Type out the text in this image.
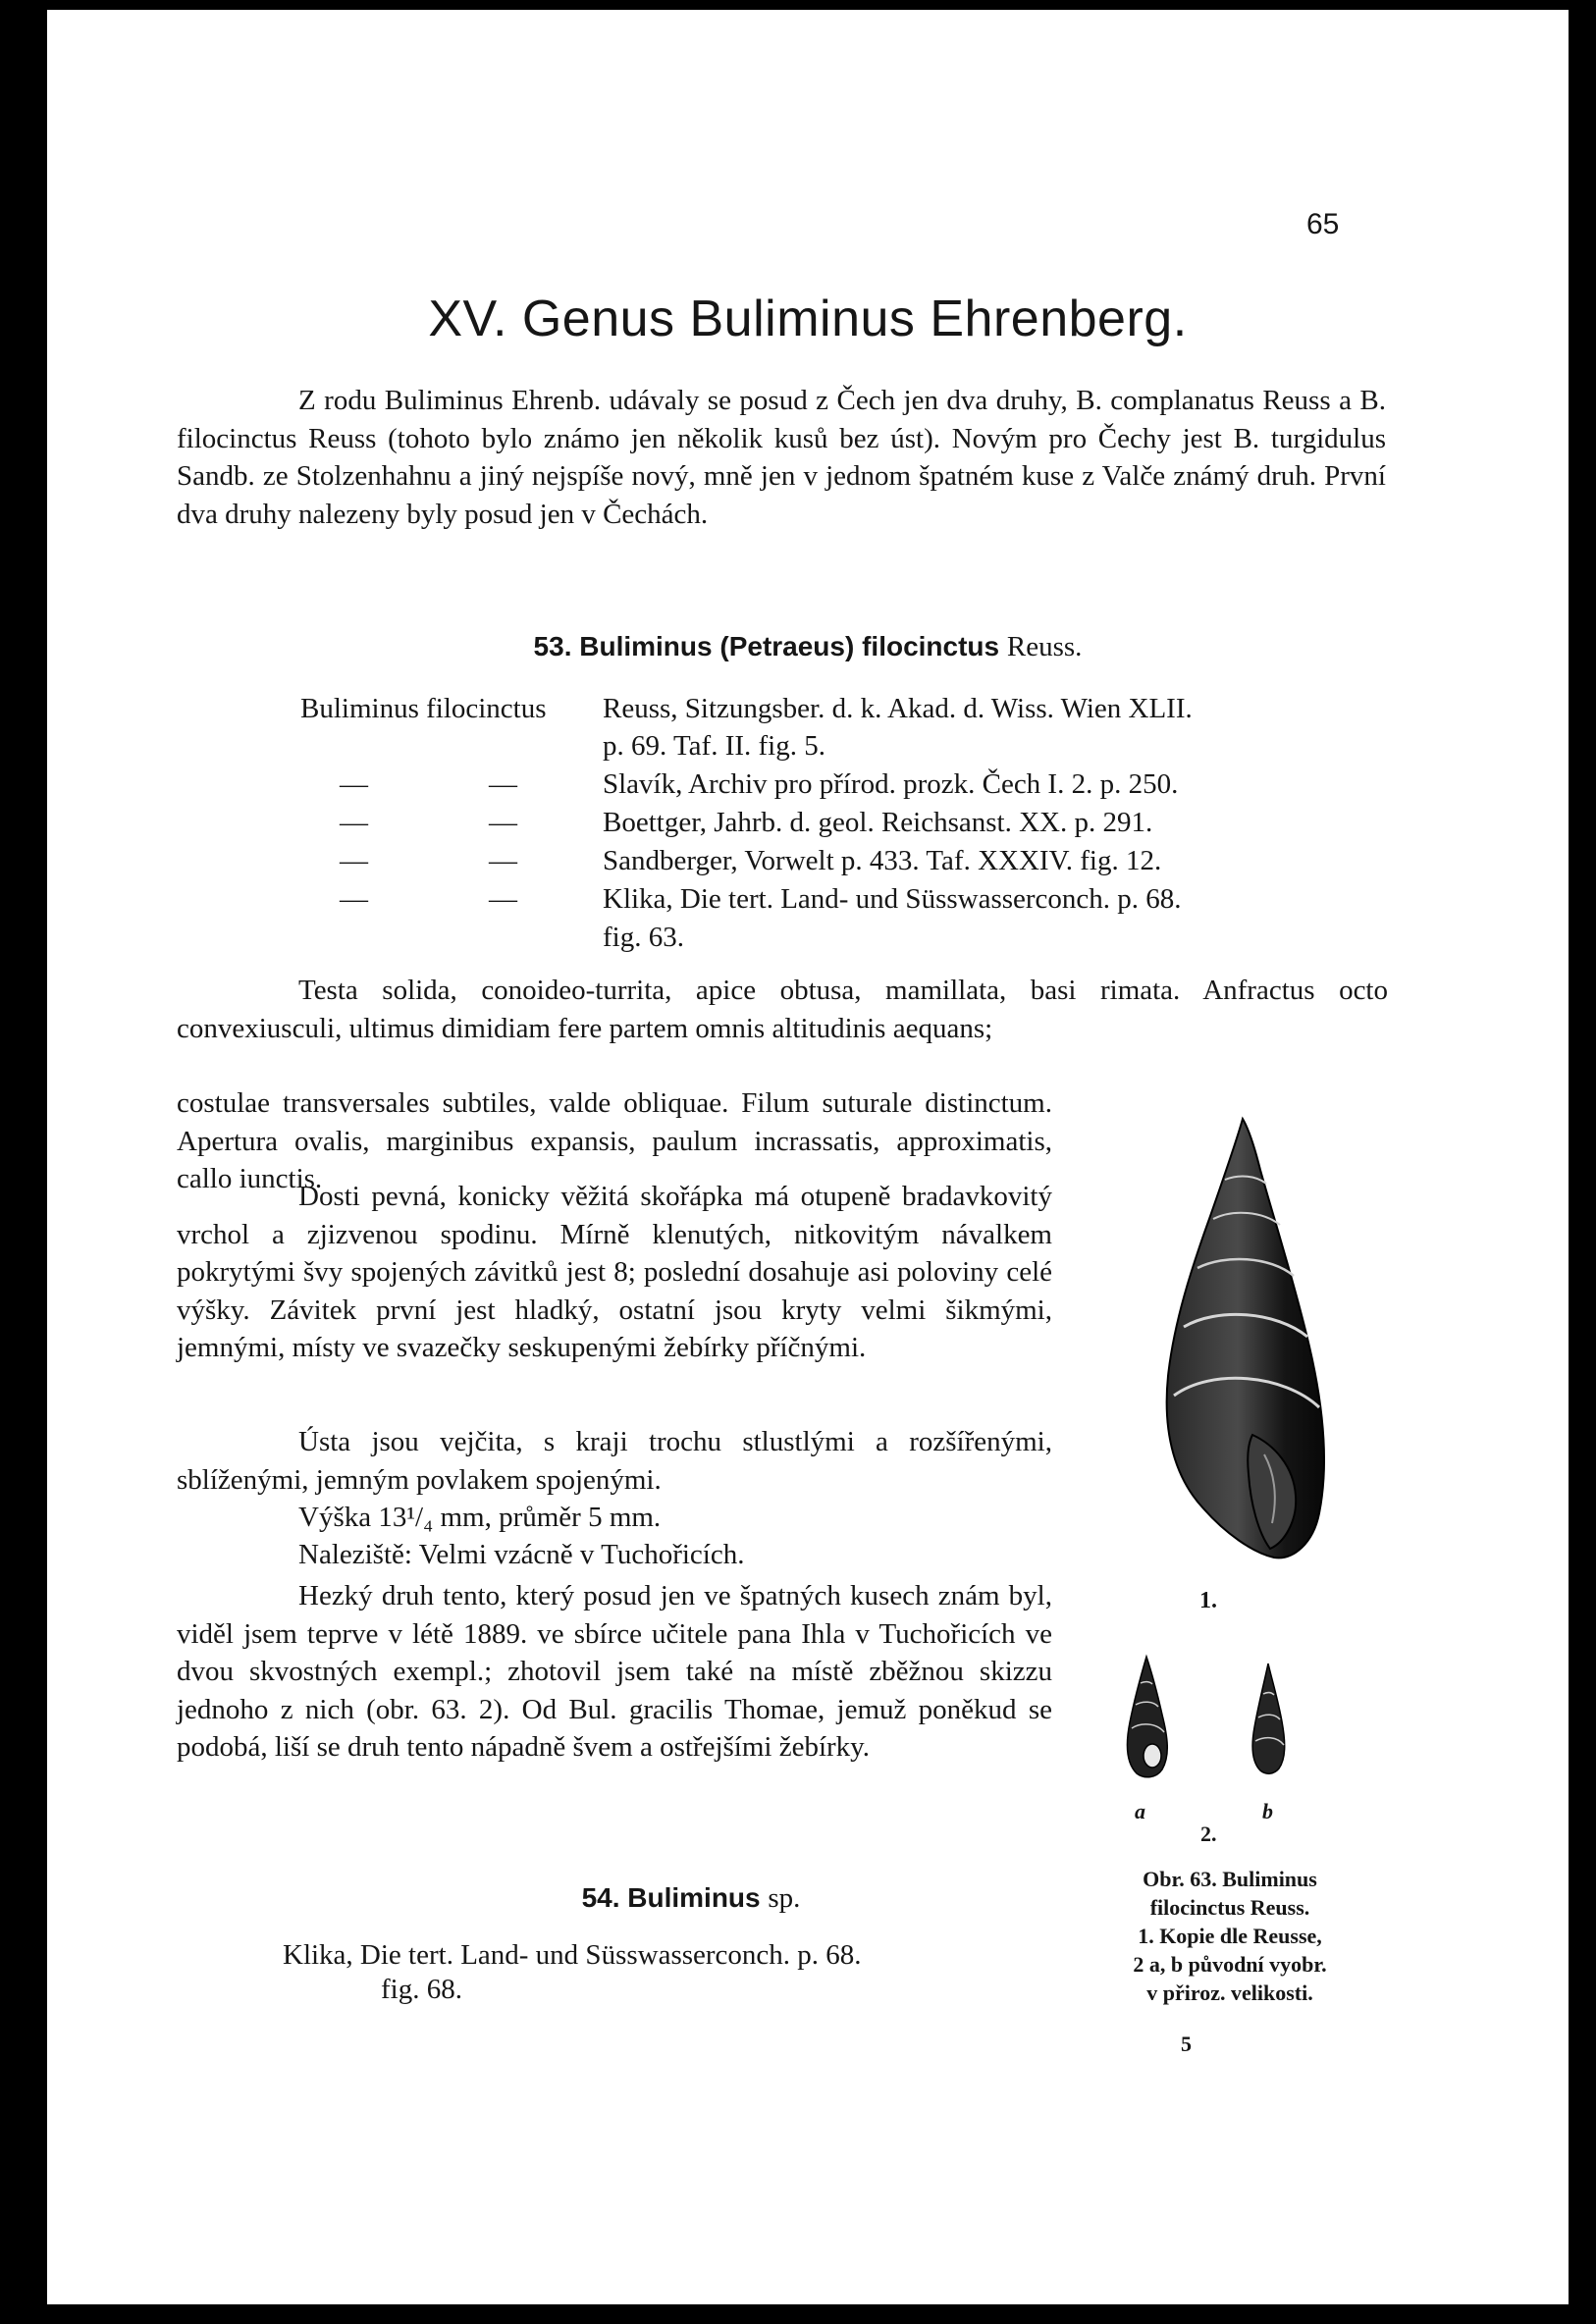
65
XV. Genus Buliminus Ehrenberg.
Z rodu Buliminus Ehrenb. udávaly se posud z Čech jen dva druhy, B. complanatus Reuss a B. filocinctus Reuss (tohoto bylo známo jen několik kusů bez úst). Novým pro Čechy jest B. turgidulus Sandb. ze Stolzenhahnu a jiný nejspíše nový, mně jen v jednom špatném kuse z Valče známý druh. První dva druhy nalezeny byly posud jen v Čechách.
53. Buliminus (Petraeus) filocinctus Reuss.
Buliminus filocinctus Reuss, Sitzungsber. d. k. Akad. d. Wiss. Wien XLII.
p. 69. Taf. II. fig. 5.
—	—	Slavík, Archiv pro přírod. prozk. Čech I. 2. p. 250.
—	—	Boettger, Jahrb. d. geol. Reichsanst. XX. p. 291.
—	—	Sandberger, Vorwelt p. 433. Taf. XXXIV. fig. 12.
—	—	Klika, Die tert. Land- und Süsswasserconch. p. 68.
fig. 63.
Testa solida, conoideo-turrita, apice obtusa, mamillata, basi rimata. Anfractus octo convexiusculi, ultimus dimidiam fere partem omnis altitudinis aequans;
costulae transversales subtiles, valde obliquae. Filum suturale distinctum. Apertura ovalis, marginibus expansis, paulum incrassatis, approximatis, callo iunctis.
Dosti pevná, konicky věžitá skořápka má otupeně bradavkovitý vrchol a zjizvenou spodinu. Mírně klenutých, nitkovitým návalkem pokrytými švy spojených závitků jest 8; poslední dosahuje asi poloviny celé výšky. Závitek první jest hladký, ostatní jsou kryty velmi šikmými, jemnými, místy ve svazečky seskupenými žebírky příčnými.
Ústa jsou vejčita, s kraji trochu stlustlými a rozšířenými, sblíženými, jemným povlakem spojenými.
Výška 13¹/₄ mm, průměr 5 mm.
Naleziště: Velmi vzácně v Tuchořicích.
Hezký druh tento, který posud jen ve špatných kusech znám byl, viděl jsem teprve v létě 1889. ve sbírce učitele pana Ihla v Tuchořicích ve dvou skvostných exempl.; zhotovil jsem také na místě zběžnou skizzu jednoho z nich (obr. 63. 2). Od Bul. gracilis Thomae, jemuž poněkud se podobá, liší se druh tento nápadně švem a ostřejšími žebírky.
1.
a	b
2.
Obr. 63. Buliminus
filocinctus Reuss.
1. Kopie dle Reusse,
2 a, b původní vyobr.
v přiroz. velikosti.
5
54. Buliminus sp.
Klika, Die tert. Land- und Süsswasserconch. p. 68.
fig. 68.
